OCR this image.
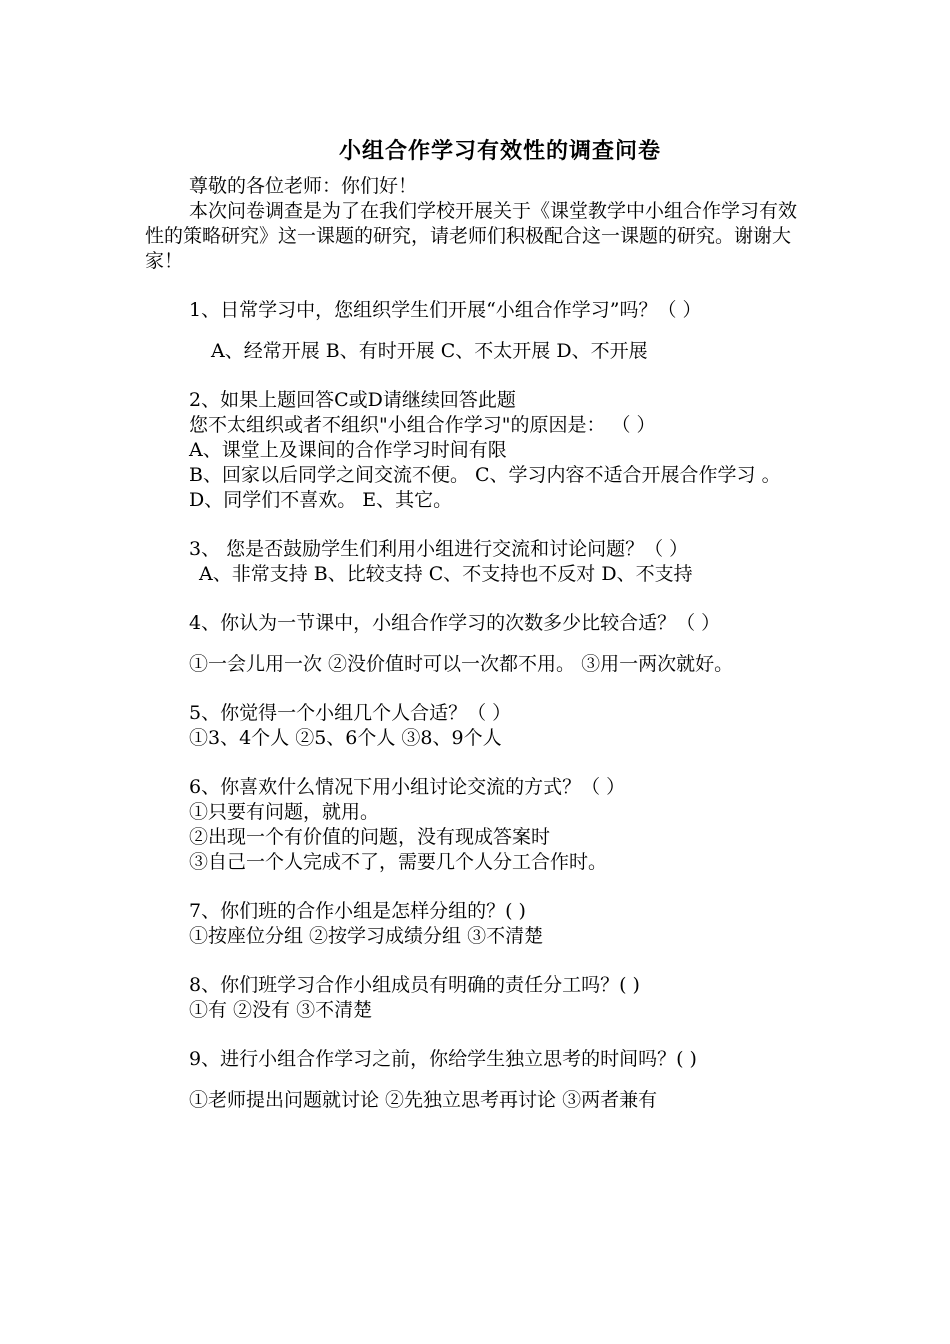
小组合作学习有效性的调查问卷

尊敬的各位老师：你们好！

本次问卷调查是为了在我们学校开展关于《课堂教学中小组合作学习有效性的策略研究》这一课题的研究，请老师们积极配合这一课题的研究。谢谢大家！

1、日常学习中，您组织学生们开展“小组合作学习”吗？（ ）

A、经常开展 B、有时开展 C、不太开展 D、不开展

2、如果上题回答C或D请继续回答此题

您不太组织或者不组织"小组合作学习"的原因是： （ ）

A、课堂上及课间的合作学习时间有限

B、回家以后同学之间交流不便。 C、学习内容不适合开展合作学习 。

D、同学们不喜欢。 E、其它。

3、 您是否鼓励学生们利用小组进行交流和讨论问题？（ ）

A、非常支持 B、比较支持 C、不支持也不反对 D、不支持

4、你认为一节课中，小组合作学习的次数多少比较合适？（ ）

①一会儿用一次 ②没价值时可以一次都不用。 ③用一两次就好。

5、你觉得一个小组几个人合适？（ ）

①3、4个人 ②5、6个人 ③8、9个人

6、你喜欢什么情况下用小组讨论交流的方式？（ ）

①只要有问题，就用。

②出现一个有价值的问题，没有现成答案时

③自己一个人完成不了，需要几个人分工合作时。

7、你们班的合作小组是怎样分组的？( )

①按座位分组 ②按学习成绩分组 ③不清楚

8、你们班学习合作小组成员有明确的责任分工吗？( )

①有 ②没有 ③不清楚

9、进行小组合作学习之前，你给学生独立思考的时间吗？( )

①老师提出问题就讨论 ②先独立思考再讨论 ③两者兼有
